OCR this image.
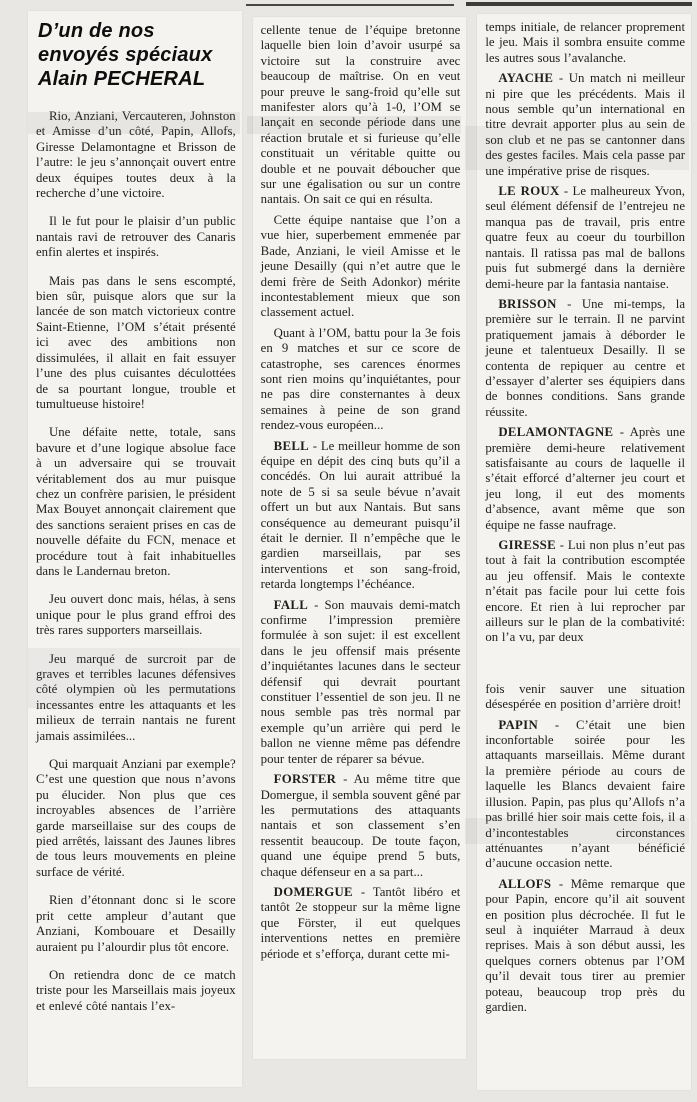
D’un de nos envoyés spéciaux
Alain PECHERAL

Rio, Anziani, Vercauteren, Johnston et Amisse d’un côté, Papin, Allofs, Giresse Delamontagne et Brisson de l’autre: le jeu s’annonçait ouvert entre deux équipes toutes deux à la recherche d’une victoire.

Il le fut pour le plaisir d’un public nantais ravi de retrouver des Canaris enfin alertes et inspirés.

Mais pas dans le sens escompté, bien sûr, puisque alors que sur la lancée de son match victorieux contre Saint-Etienne, l’OM s’était présenté ici avec des ambitions non dissimulées, il allait en fait essuyer l’une des plus cuisantes déculottées de sa pourtant longue, trouble et tumultueuse histoire!

Une défaite nette, totale, sans bavure et d’une logique absolue face à un adversaire qui se trouvait véritablement dos au mur puisque chez un confrère parisien, le président Max Bouyet annonçait clairement que des sanctions seraient prises en cas de nouvelle défaite du FCN, menace et procédure tout à fait inhabituelles dans le Landernau breton.

Jeu ouvert donc mais, hélas, à sens unique pour le plus grand effroi des très rares supporters marseillais.

Jeu marqué de surcroit par de graves et terribles lacunes défensives côté olympien où les permutations incessantes entre les attaquants et les milieux de terrain nantais ne furent jamais assimilées...

Qui marquait Anziani par exemple? C’est une question que nous n’avons pu élucider. Non plus que ces incroyables absences de l’arrière garde marseillaise sur des coups de pied arrêtés, laissant des Jaunes libres de tous leurs mouvements en pleine surface de vérité.

Rien d’étonnant donc si le score prit cette ampleur d’autant que Anziani, Kombouare et Desailly auraient pu l’alourdir plus tôt encore.

On retiendra donc de ce match triste pour les Marseillais mais joyeux et enlevé côté nantais l’ex-

cellente tenue de l’équipe bretonne laquelle bien loin d’avoir usurpé sa victoire sut la construire avec beaucoup de maîtrise. On en veut pour preuve le sang-froid qu’elle sut manifester alors qu’à 1-0, l’OM se lançait en seconde période dans une réaction brutale et si furieuse qu’elle constituait un véritable quitte ou double et ne pouvait déboucher que sur une égalisation ou sur un contre nantais. On sait ce qui en résulta.

Cette équipe nantaise que l’on a vue hier, superbement emmenée par Bade, Anziani, le vieil Amisse et le jeune Desailly (qui n’et autre que le demi frère de Seith Adonkor) mérite incontestablement mieux que son classement actuel.

Quant à l’OM, battu pour la 3e fois en 9 matches et sur ce score de catastrophe, ses carences énormes sont rien moins qu’inquiétantes, pour ne pas dire consternantes à deux semaines à peine de son grand rendez-vous européen...

BELL - Le meilleur homme de son équipe en dépit des cinq buts qu’il a concédés. On lui aurait attribué la note de 5 si sa seule bévue n’avait offert un but aux Nantais. But sans conséquence au demeurant puisqu’il était le dernier. Il n’empêche que le gardien marseillais, par ses interventions et son sang-froid, retarda longtemps l’échéance.

FALL - Son mauvais demi-match confirme l’impression première formulée à son sujet: il est excellent dans le jeu offensif mais présente d’inquiétantes lacunes dans le secteur défensif qui devrait pourtant constituer l’essentiel de son jeu. Il ne nous semble pas très normal par exemple qu’un arrière qui perd le ballon ne vienne même pas défendre pour tenter de réparer sa bévue.

FORSTER - Au même titre que Domergue, il sembla souvent gêné par les permutations des attaquants nantais et son classement s’en ressentit beaucoup. De toute façon, quand une équipe prend 5 buts, chaque défenseur en a sa part...

DOMERGUE - Tantôt libéro et tantôt 2e stoppeur sur la même ligne que Förster, il eut quelques interventions nettes en première période et s’efforça, durant cette mi-

temps initiale, de relancer proprement le jeu. Mais il sombra ensuite comme les autres sous l’avalanche.

AYACHE - Un match ni meilleur ni pire que les précédents. Mais il nous semble qu’un international en titre devrait apporter plus au sein de son club et ne pas se cantonner dans des gestes faciles. Mais cela passe par une impérative prise de risques.

LE ROUX - Le malheureux Yvon, seul élément défensif de l’entrejeu ne manqua pas de travail, pris entre quatre feux au coeur du tourbillon nantais. Il ratissa pas mal de ballons puis fut submergé dans la dernière demi-heure par la fantasia nantaise.

BRISSON - Une mi-temps, la première sur le terrain. Il ne parvint pratiquement jamais à déborder le jeune et talentueux Desailly. Il se contenta de repiquer au centre et d’essayer d’alerter ses équipiers dans de bonnes conditions. Sans grande réussite.

DELAMONTAGNE - Après une première demi-heure relativement satisfaisante au cours de laquelle il s’était efforcé d’alterner jeu court et jeu long, il eut des moments d’absence, avant même que son équipe ne fasse naufrage.

GIRESSE - Lui non plus n’eut pas tout à fait la contribution escomptée au jeu offensif. Mais le contexte n’était pas facile pour lui cette fois encore. Et rien à lui reprocher par ailleurs sur le plan de la combativité: on l’a vu, par deux

fois venir sauver une situation désespérée en position d’arrière droit!

PAPIN - C’était une bien inconfortable soirée pour les attaquants marseillais. Même durant la première période au cours de laquelle les Blancs devaient faire illusion. Papin, pas plus qu’Allofs n’a pas brillé hier soir mais cette fois, il a d’incontestables circonstances atténuantes n’ayant bénéficié d’aucune occasion nette.

ALLOFS - Même remarque que pour Papin, encore qu’il ait souvent en position plus décrochée. Il fut le seul à inquiéter Marraud à deux reprises. Mais à son début aussi, les quelques corners obtenus par l’OM qu’il devait tous tirer au premier poteau, beaucoup trop près du gardien.
